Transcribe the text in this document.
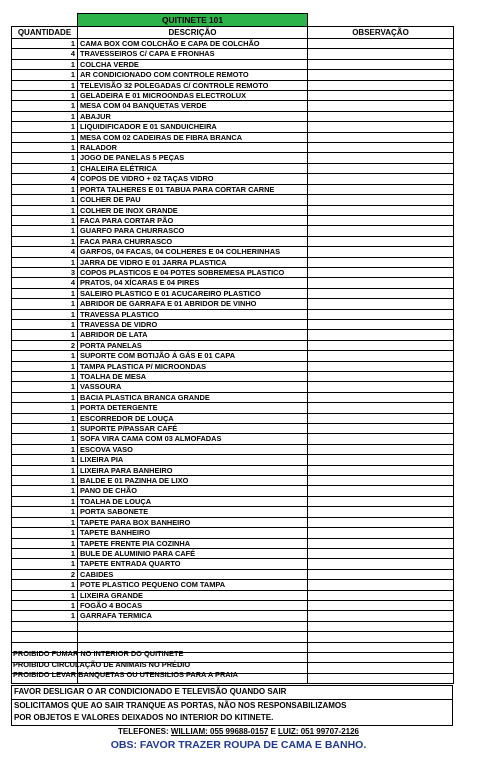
	QUITINETE 101	
QUANTIDADE	DESCRIÇÃO	OBSERVAÇÃO
1	CAMA BOX COM COLCHÃO E CAPA DE COLCHÃO	
4	TRAVESSEIROS C/ CAPA E FRONHAS	
1	COLCHA VERDE	
1	AR CONDICIONADO COM CONTROLE REMOTO	
1	TELEVISÃO 32 POLEGADAS C/ CONTROLE REMOTO	
1	GELADEIRA E 01 MICROONDAS ELECTROLUX	
1	MESA COM 04 BANQUETAS VERDE	
1	ABAJUR	
1	LIQUIDIFICADOR E 01 SANDUICHEIRA	
1	MESA COM 02 CADEIRAS DE FIBRA BRANCA	
1	RALADOR	
1	JOGO DE PANELAS 5 PEÇAS	
1	CHALEIRA ELÉTRICA	
4	COPOS DE VIDRO + 02 TAÇAS VIDRO	
1	PORTA TALHERES E 01 TABUA PARA CORTAR CARNE	
1	COLHER DE PAU	
1	COLHER DE INOX GRANDE	
1	FACA PARA CORTAR PÃO	
1	GUARFO PARA CHURRASCO	
1	FACA PARA CHURRASCO	
4	GARFOS, 04 FACAS, 04 COLHERES E 04 COLHERINHAS	
1	JARRA DE VIDRO E 01 JARRA PLASTICA	
3	COPOS PLASTICOS E 04 POTES SOBREMESA PLASTICO	
4	PRATOS, 04 XÍCARAS E 04 PIRES	
1	SALEIRO PLASTICO E 01 ACUCAREIRO PLASTICO	
1	ABRIDOR DE GARRAFA E 01 ABRIDOR DE VINHO	
1	TRAVESSA PLASTICO	
1	TRAVESSA DE VIDRO	
1	ABRIDOR DE LATA	
2	PORTA PANELAS	
1	SUPORTE COM BOTIJÃO Á GÁS E 01 CAPA	
1	TAMPA PLASTICA P/ MICROONDAS	
1	TOALHA DE MESA	
1	VASSOURA	
1	BACIA PLASTICA BRANCA GRANDE	
1	PORTA DETERGENTE	
1	ESCORREDOR DE LOUÇA	
1	SUPORTE P/PASSAR CAFÉ	
1	SOFA VIRA CAMA COM 03 ALMOFADAS	
1	ESCOVA VASO	
1	LIXEIRA PIA	
1	LIXEIRA PARA BANHEIRO	
1	BALDE E 01 PAZINHA DE LIXO	
1	PANO DE CHÃO	
1	TOALHA DE LOUÇA	
1	PORTA SABONETE	
1	TAPETE PARA BOX BANHEIRO	
1	TAPETE BANHEIRO	
1	TAPETE FRENTE PIA COZINHA	
1	BULE DE ALUMINIO PARA CAFÉ	
1	TAPETE ENTRADA QUARTO	
2	CABIDES	
1	POTE PLASTICO PEQUENO COM TAMPA	
1	LIXEIRA GRANDE	
1	FOGÃO 4 BOCAS	
1	GARRAFA TERMICA	

PROIBIDO FUMAR NO INTERIOR DO QUITINETE
PROIBIDO CIRCULAÇÃO DE ANIMAIS NO PRÉDIO
PROIBIDO LEVAR BANQUETAS OU UTENSILIOS PARA A PRAIA
FAVOR DESLIGAR O AR CONDICIONADO E TELEVISÃO QUANDO SAIR
SOLICITAMOS QUE AO SAIR TRANQUE AS PORTAS, NÃO NOS RESPONSABILIZAMOS
POR OBJETOS E VALORES DEIXADOS NO INTERIOR DO KITINETE.
TELEFONES: WILLIAM: 055 99688-0157 E LUIZ: 051 99707-2126
OBS: FAVOR TRAZER ROUPA DE CAMA E BANHO.
